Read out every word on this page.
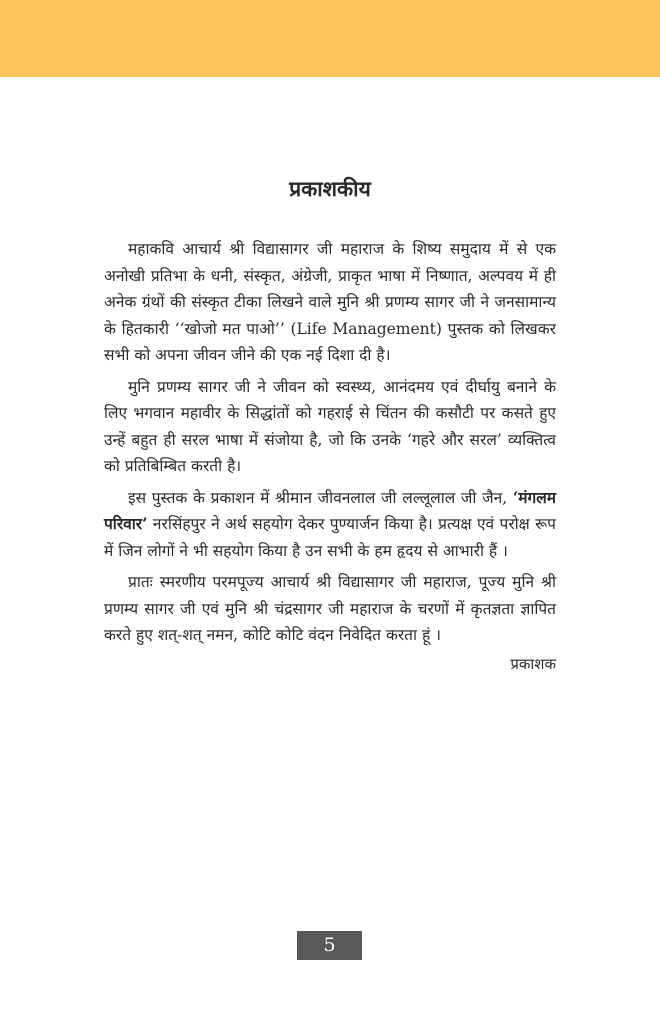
प्रकाशकीय

महाकवि आचार्य श्री विद्यासागर जी महाराज के शिष्य समुदाय में से एक अनोखी प्रतिभा के धनी, संस्कृत, अंग्रेजी, प्राकृत भाषा में निष्णात, अल्पवय में ही अनेक ग्रंथों की संस्कृत टीका लिखने वाले मुनि श्री प्रणम्य सागर जी ने जनसामान्य के हितकारी ‘‘खोजो मत पाओ’’ (Life Management) पुस्तक को लिखकर सभी को अपना जीवन जीने की एक नई दिशा दी है।

मुनि प्रणम्य सागर जी ने जीवन को स्वस्थ्य, आनंदमय एवं दीर्घायु बनाने के लिए भगवान महावीर के सिद्धांतों को गहराई से चिंतन की कसौटी पर कसते हुए उन्हें बहुत ही सरल भाषा में संजोया है, जो कि उनके ‘गहरे और सरल’ व्यक्तित्व को प्रतिबिम्बित करती है।

इस पुस्तक के प्रकाशन में श्रीमान जीवनलाल जी लल्लूलाल जी जैन, ‘मंगलम परिवार’ नरसिंहपुर ने अर्थ सहयोग देकर पुण्यार्जन किया है। प्रत्यक्ष एवं परोक्ष रूप में जिन लोगों ने भी सहयोग किया है उन सभी के हम हृदय से आभारी हैं ।

प्रातः स्मरणीय परमपूज्य आचार्य श्री विद्यासागर जी महाराज, पूज्य मुनि श्री प्रणम्य सागर जी एवं मुनि श्री चंद्रसागर जी महाराज के चरणों में कृतज्ञता ज्ञापित करते हुए शत्-शत् नमन, कोटि कोटि वंदन निवेदित करता हूं ।

प्रकाशक
5
